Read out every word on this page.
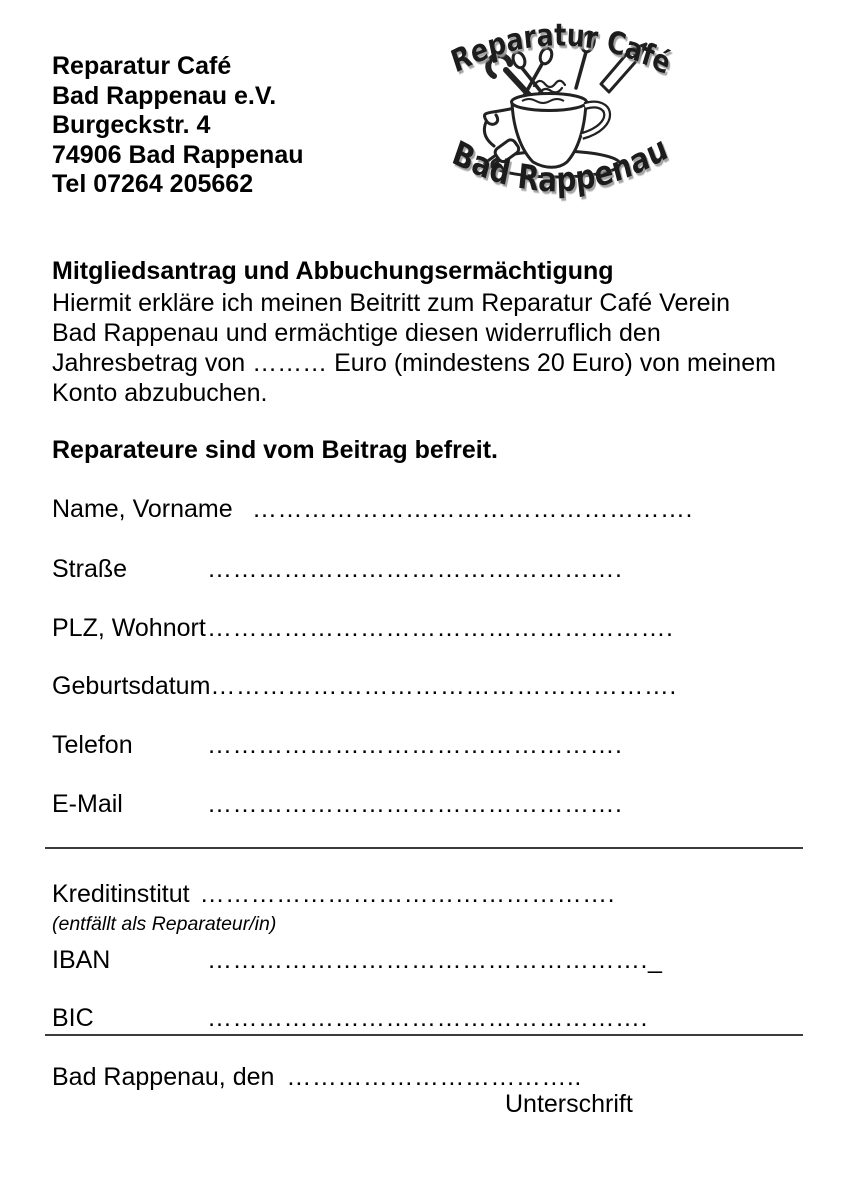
Reparatur Café
Bad Rappenau e.V.
Burgeckstr. 4
74906 Bad Rappenau
Tel 07264 205662
Reparatur Café
Bad Rappenau
Mitgliedsantrag und Abbuchungsermächtigung
Hiermit erkläre ich meinen Beitritt zum Reparatur Café Verein
Bad Rappenau und ermächtige diesen widerruflich den
Jahresbetrag von ……… Euro (mindestens 20 Euro) von meinem
Konto abzubuchen.
Reparateure sind vom Beitrag befreit.
Name, Vorname …………………………………………….
Straße	………………………………………….
PLZ, Wohnort ……………………………………………….
Geburtsdatum ……………………………………………….
Telefon	………………………………………….
E-Mail	………………………………………….
Kreditinstitut ………………………………………….
(entfällt als Reparateur/in)
IBAN	……………………………………………._
BIC	…………………………………………….
Bad Rappenau, den ……………………………..
Unterschrift
